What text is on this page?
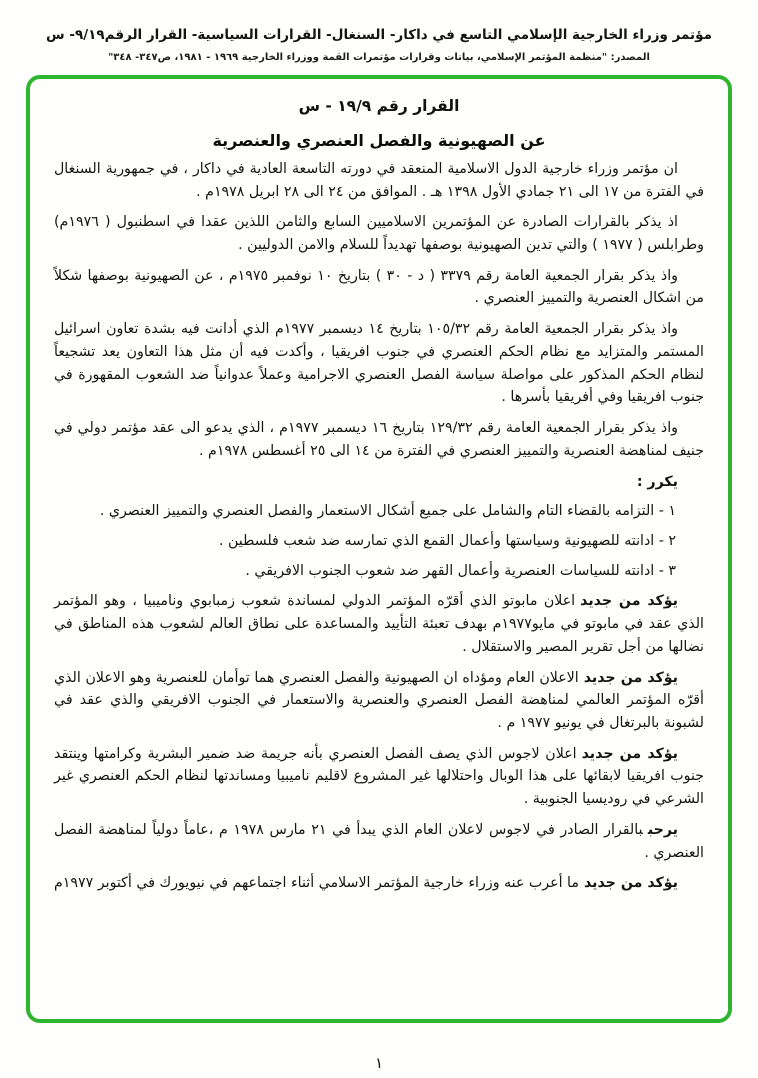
مؤتمر وزراء الخارجية الإسلامي التاسع في داكار- السنغال- القرارات السياسية- القرار الرقم٩/١٩- س
المصدر: "منظمة المؤتمر الإسلامي، بيانات وقرارات مؤتمرات القمة ووزراء الخارجية ١٩٦٩ - ١٩٨١، ص٣٤٧- ٣٤٨"
القرار رقم ١٩/٩ - س
عن الصهيونية والفصل العنصري والعنصرية
ان مؤتمر وزراء خارجية الدول الاسلامية المنعقد في دورته التاسعة العادية في داكار ، في جمهورية السنغال في الفترة من ١٧ الى ٢١ جمادي الأول ١٣٩٨ هـ . الموافق من ٢٤ الى ٢٨ ابريل ١٩٧٨م .
اذ يذكر بالقرارات الصادرة عن المؤتمرين الاسلاميين السابع والثامن اللذين عقدا في اسطنبول ( ١٩٧٦م) وطرابلس ( ١٩٧٧ ) والتي تدين الصهيونية بوصفها تهديداً للسلام والامن الدوليين .
واذ يذكر بقرار الجمعية العامة رقم ٣٣٧٩ ( د - ٣٠ ) بتاريخ ١٠ نوفمبر ١٩٧٥م ، عن الصهيونية بوصفها شكلاً من اشكال العنصرية والتمييز العنصري .
واذ يذكر بقرار الجمعية العامة رقم ١٠٥/٣٢ بتاريخ ١٤ ديسمبر ١٩٧٧م الذي أدانت فيه بشدة تعاون اسرائيل المستمر والمتزايد مع نظام الحكم العنصري في جنوب افريقيا ، وأكدت فيه أن مثل هذا التعاون يعد تشجيعاً لنظام الحكم المذكور على مواصلة سياسة الفصل العنصري الاجرامية وعملاً عدوانياً ضد الشعوب المقهورة في جنوب افريقيا وفي أفريقيا بأسرها .
واذ يذكر بقرار الجمعية العامة رقم ١٢٩/٣٢ بتاريخ ١٦ ديسمبر ١٩٧٧م ، الذي يدعو الى عقد مؤتمر دولي في جنيف لمناهضة العنصرية والتمييز العنصري في الفترة من ١٤ الى ٢٥ أغسطس ١٩٧٨م .
يكرر :
١ - التزامه بالقضاء التام والشامل على جميع أشكال الاستعمار والفصل العنصري والتمييز العنصري .
٢ - ادانته للصهيونية وسياستها وأعمال القمع الذي تمارسه ضد شعب فلسطين .
٣ - ادانته للسياسات العنصرية وأعمال القهر ضد شعوب الجنوب الافريقي .
يؤكد من جديداعلان مابوتو الذي أقرّه المؤتمر الدولي لمساندة شعوب زمبابوي وناميبيا ، وهو المؤتمر الذي عقد في مابوتو في مايو١٩٧٧م بهدف تعبئة التأييد والمساعدة على نطاق العالم لشعوب هذه المناطق في نضالها من أجل تقرير المصير والاستقلال .
يؤكد من جديدالاعلان العام ومؤداه ان الصهيونية والفصل العنصري هما توأمان للعنصرية وهو الاعلان الذي أقرّه المؤتمر العالمي لمناهضة الفصل العنصري والعنصرية والاستعمار في الجنوب الافريقي والذي عقد في لشبونة بالبرتغال في يونيو ١٩٧٧ م .
يؤكد من جديداعلان لاجوس الذي يصف الفصل العنصري بأنه جريمة ضد ضمير البشرية وكرامتها وينتقد جنوب افريقيا لابقائها على هذا الوبال واحتلالها غير المشروع لاقليم ناميبيا ومساندتها لنظام الحكم العنصري غير الشرعي في روديسيا الجنوبية .
يرحببالقرار الصادر في لاجوس لاعلان العام الذي يبدأ في ٢١ مارس ١٩٧٨ م ،عاماً دولياً لمناهضة الفصل العنصري .
يؤكد من جديدما أعرب عنه وزراء خارجية المؤتمر الاسلامي أثناء اجتماعهم في نيويورك في أكتوبر ١٩٧٧م
١
